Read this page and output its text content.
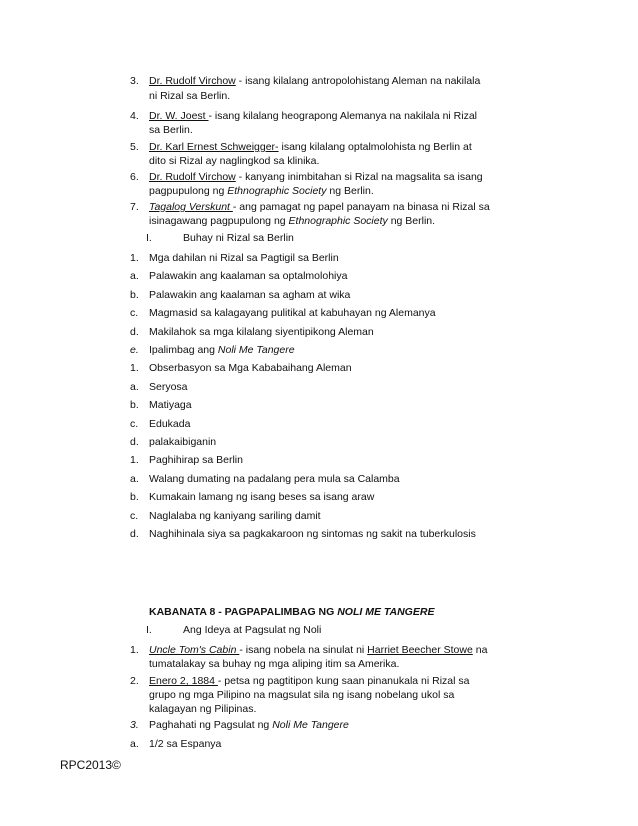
3. Dr. Rudolf Virchow - isang kilalang antropolohistang Aleman na nakilala
ni Rizal sa Berlin.
4. Dr. W. Joest - isang kilalang heograpong Alemanya na nakilala ni Rizal
sa Berlin.
5. Dr. Karl Ernest Schweigger- isang kilalang optalmolohista ng Berlin at
dito si Rizal ay naglingkod sa klinika.
6. Dr. Rudolf Virchow - kanyang inimbitahan si Rizal na magsalita sa isang
pagpupulong ng Ethnographic Society ng Berlin.
7. Tagalog Verskunt - ang pamagat ng papel panayam na binasa ni Rizal sa
isinagawang pagpupulong ng Ethnographic Society ng Berlin.
I.	Buhay ni Rizal sa Berlin
1. Mga dahilan ni Rizal sa Pagtigil sa Berlin
a. Palawakin ang kaalaman sa optalmolohiya
b. Palawakin ang kaalaman sa agham at wika
c. Magmasid sa kalagayang pulitikal at kabuhayan ng Alemanya
d. Makilahok sa mga kilalang siyentipikong Aleman
e. Ipalimbag ang Noli Me Tangere
1. Obserbasyon sa Mga Kababaihang Aleman
a. Seryosa
b. Matiyaga
c. Edukada
d. palakaibiganin
1. Paghihirap sa Berlin
a. Walang dumating na padalang pera mula sa Calamba
b. Kumakain lamang ng isang beses sa isang araw
c. Naglalaba ng kaniyang sariling damit
d. Naghihinala siya sa pagkakaroon ng sintomas ng sakit na tuberkulosis
KABANATA 8 - PAGPAPALIMBAG NG NOLI ME TANGERE
I.	Ang Ideya at Pagsulat ng Noli
1. Uncle Tom's Cabin - isang nobela na sinulat ni Harriet Beecher Stowe na
tumatalakay sa buhay ng mga aliping itim sa Amerika.
2. Enero 2, 1884 - petsa ng pagtitipon kung saan pinanukala ni Rizal sa
grupo ng mga Pilipino na magsulat sila ng isang nobelang ukol sa
kalagayan ng Pilipinas.
3. Paghahati ng Pagsulat ng Noli Me Tangere
a. 1/2 sa Espanya
RPC2013©
